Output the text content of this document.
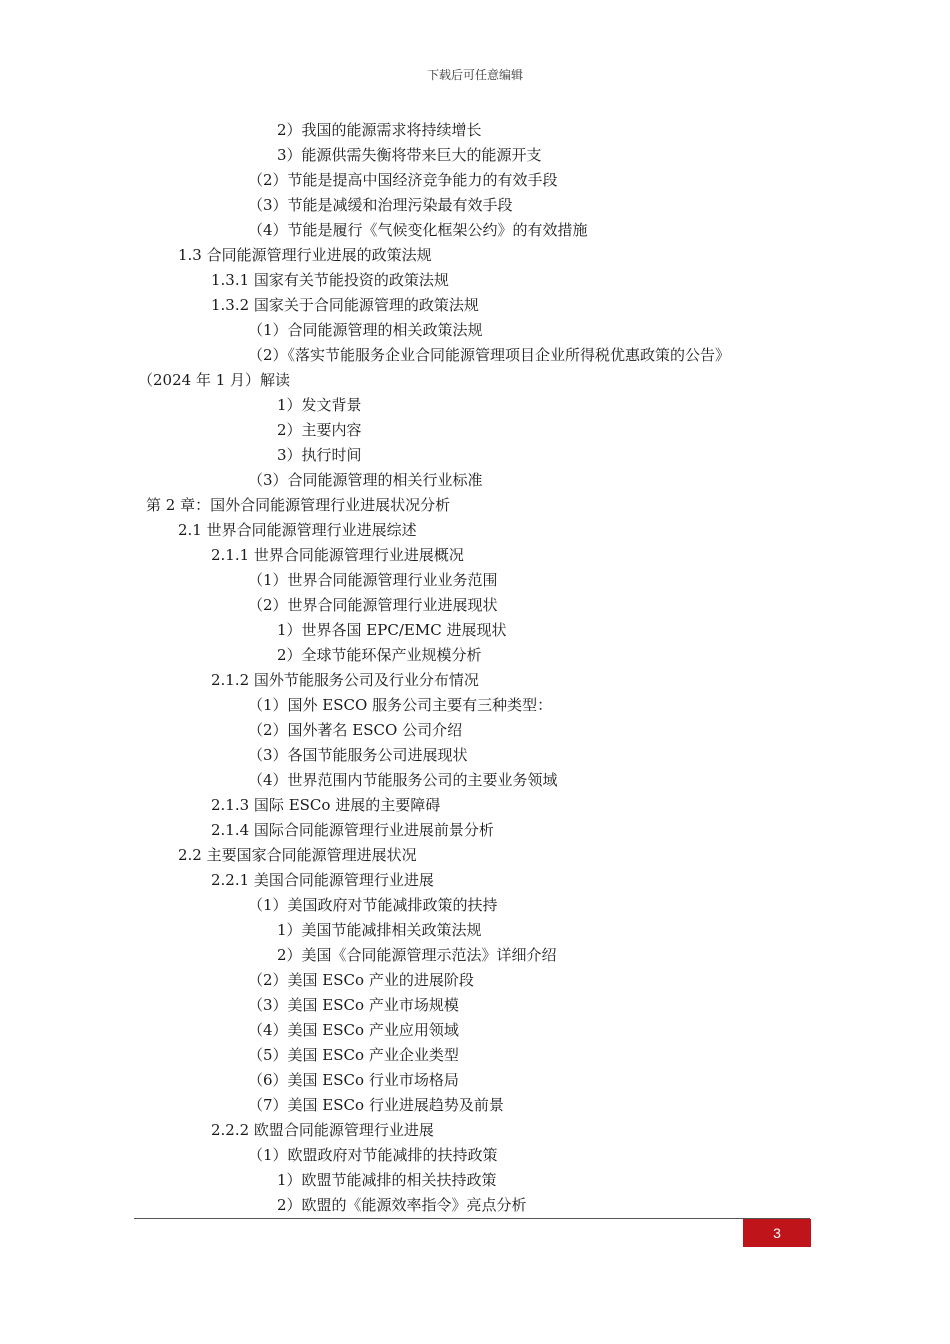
下载后可任意编辑
2）我国的能源需求将持续增长
3）能源供需失衡将带来巨大的能源开支
（2）节能是提高中国经济竞争能力的有效手段
（3）节能是减缓和治理污染最有效手段
（4）节能是履行《气候变化框架公约》的有效措施
1.3 合同能源管理行业进展的政策法规
1.3.1 国家有关节能投资的政策法规
1.3.2 国家关于合同能源管理的政策法规
（1）合同能源管理的相关政策法规
（2）《落实节能服务企业合同能源管理项目企业所得税优惠政策的公告》
（2024 年 1 月）解读
1）发文背景
2）主要内容
3）执行时间
（3）合同能源管理的相关行业标准
第 2 章：国外合同能源管理行业进展状况分析
2.1 世界合同能源管理行业进展综述
2.1.1 世界合同能源管理行业进展概况
（1）世界合同能源管理行业业务范围
（2）世界合同能源管理行业进展现状
1）世界各国 EPC/EMC 进展现状
2）全球节能环保产业规模分析
2.1.2 国外节能服务公司及行业分布情况
（1）国外 ESCO 服务公司主要有三种类型：
（2）国外著名 ESCO 公司介绍
（3）各国节能服务公司进展现状
（4）世界范围内节能服务公司的主要业务领域
2.1.3 国际 ESCo 进展的主要障碍
2.1.4 国际合同能源管理行业进展前景分析
2.2 主要国家合同能源管理进展状况
2.2.1 美国合同能源管理行业进展
（1）美国政府对节能减排政策的扶持
1）美国节能减排相关政策法规
2）美国《合同能源管理示范法》详细介绍
（2）美国 ESCo 产业的进展阶段
（3）美国 ESCo 产业市场规模
（4）美国 ESCo 产业应用领域
（5）美国 ESCo 产业企业类型
（6）美国 ESCo 行业市场格局
（7）美国 ESCo 行业进展趋势及前景
2.2.2 欧盟合同能源管理行业进展
（1）欧盟政府对节能减排的扶持政策
1）欧盟节能减排的相关扶持政策
2）欧盟的《能源效率指令》亮点分析
3
